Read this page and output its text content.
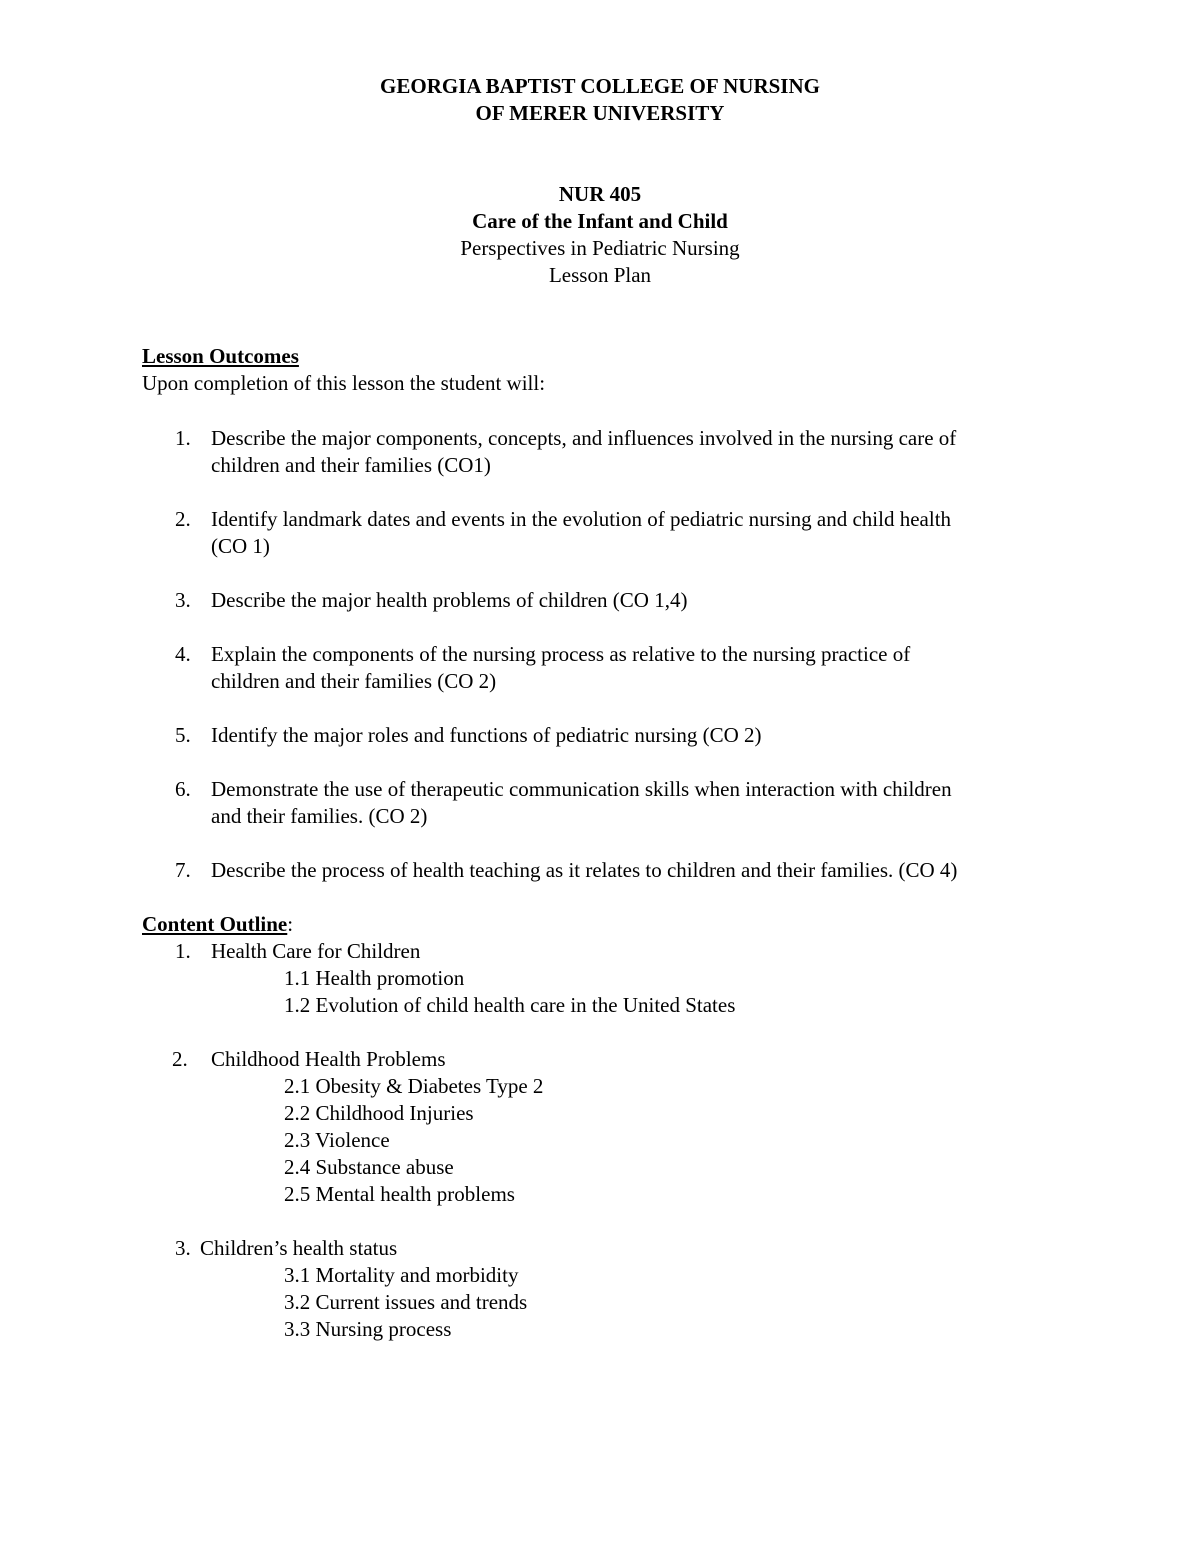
GEORGIA BAPTIST COLLEGE OF NURSING
OF MERER UNIVERSITY
NUR 405
Care of the Infant and Child
Perspectives in Pediatric Nursing
Lesson Plan
Lesson Outcomes
Upon completion of this lesson the student will:
1. Describe the major components, concepts, and influences involved in the nursing care of
children and their families (CO1)
2. Identify landmark dates and events in the evolution of pediatric nursing and child health
(CO 1)
3. Describe the major health problems of children (CO 1,4)
4. Explain the components of the nursing process as relative to the nursing practice of
children and their families (CO 2)
5. Identify the major roles and functions of pediatric nursing (CO 2)
6. Demonstrate the use of therapeutic communication skills when interaction with children
and their families. (CO 2)
7. Describe the process of health teaching as it relates to children and their families. (CO 4)
Content Outline:
1. Health Care for Children
1.1 Health promotion
1.2 Evolution of child health care in the United States
2. Childhood Health Problems
2.1 Obesity & Diabetes Type 2
2.2 Childhood Injuries
2.3 Violence
2.4 Substance abuse
2.5 Mental health problems
3. Children’s health status
3.1 Mortality and morbidity
3.2 Current issues and trends
3.3 Nursing process
